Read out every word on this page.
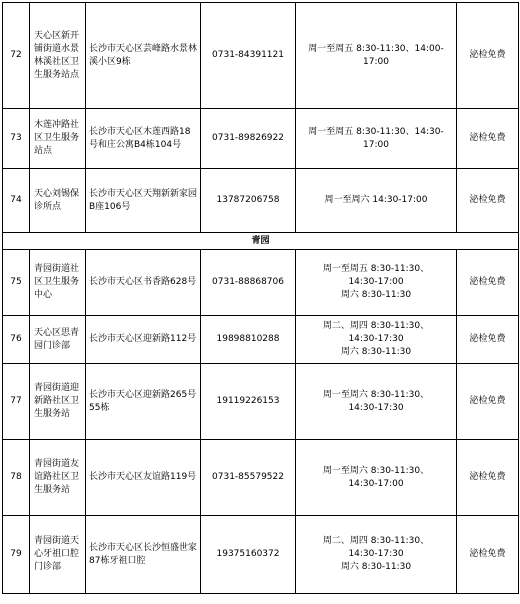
72	天心区新开铺街道水景林溪社区卫生服务站点	长沙市天心区芸峰路水景林溪小区9栋	0731-84391121	周一至周五 8:30-11:30、14:00-17:00	泌检免费
73	木莲冲路社区卫生服务站点	长沙市天心区木莲西路18号和庄公寓B4栋104号	0731-89826922	周一至周五 8:30-11:30、14:30-17:00	泌检免费
74	天心刘锡保诊所点	长沙市天心区天翔新新家园B座106号	13787206758	周一至周六 14:30-17:00	泌检免费
青园					
75	青园街道社区卫生服务中心	长沙市天心区书香路628号	0731-88868706	周一至周五 8:30-11:30、
14:30-17:00
周六 8:30-11:30	泌检免费
76	天心区思青园门诊部	长沙市天心区迎新路112号	19898810288	周二、周四 8:30-11:30、
14:30-17:30
周六 8:30-11:30	泌检免费
77	青园街道迎新路社区卫生服务站	长沙市天心区迎新路265号55栋	19119226153	周一至周六 8:30-11:30、
14:30-17:30	泌检免费
78	青园街道友谊路社区卫生服务站	长沙市天心区友谊路119号	0731-85579522	周一至周六 8:30-11:30、
14:30-17:00	泌检免费
79	青园街道天心牙祖口腔门诊部	长沙市天心区长沙恒盛世家87栋牙祖口腔	19375160372	周二、周四 8:30-11:30、
14:30-17:30
周六 8:30-11:30	泌检免费
